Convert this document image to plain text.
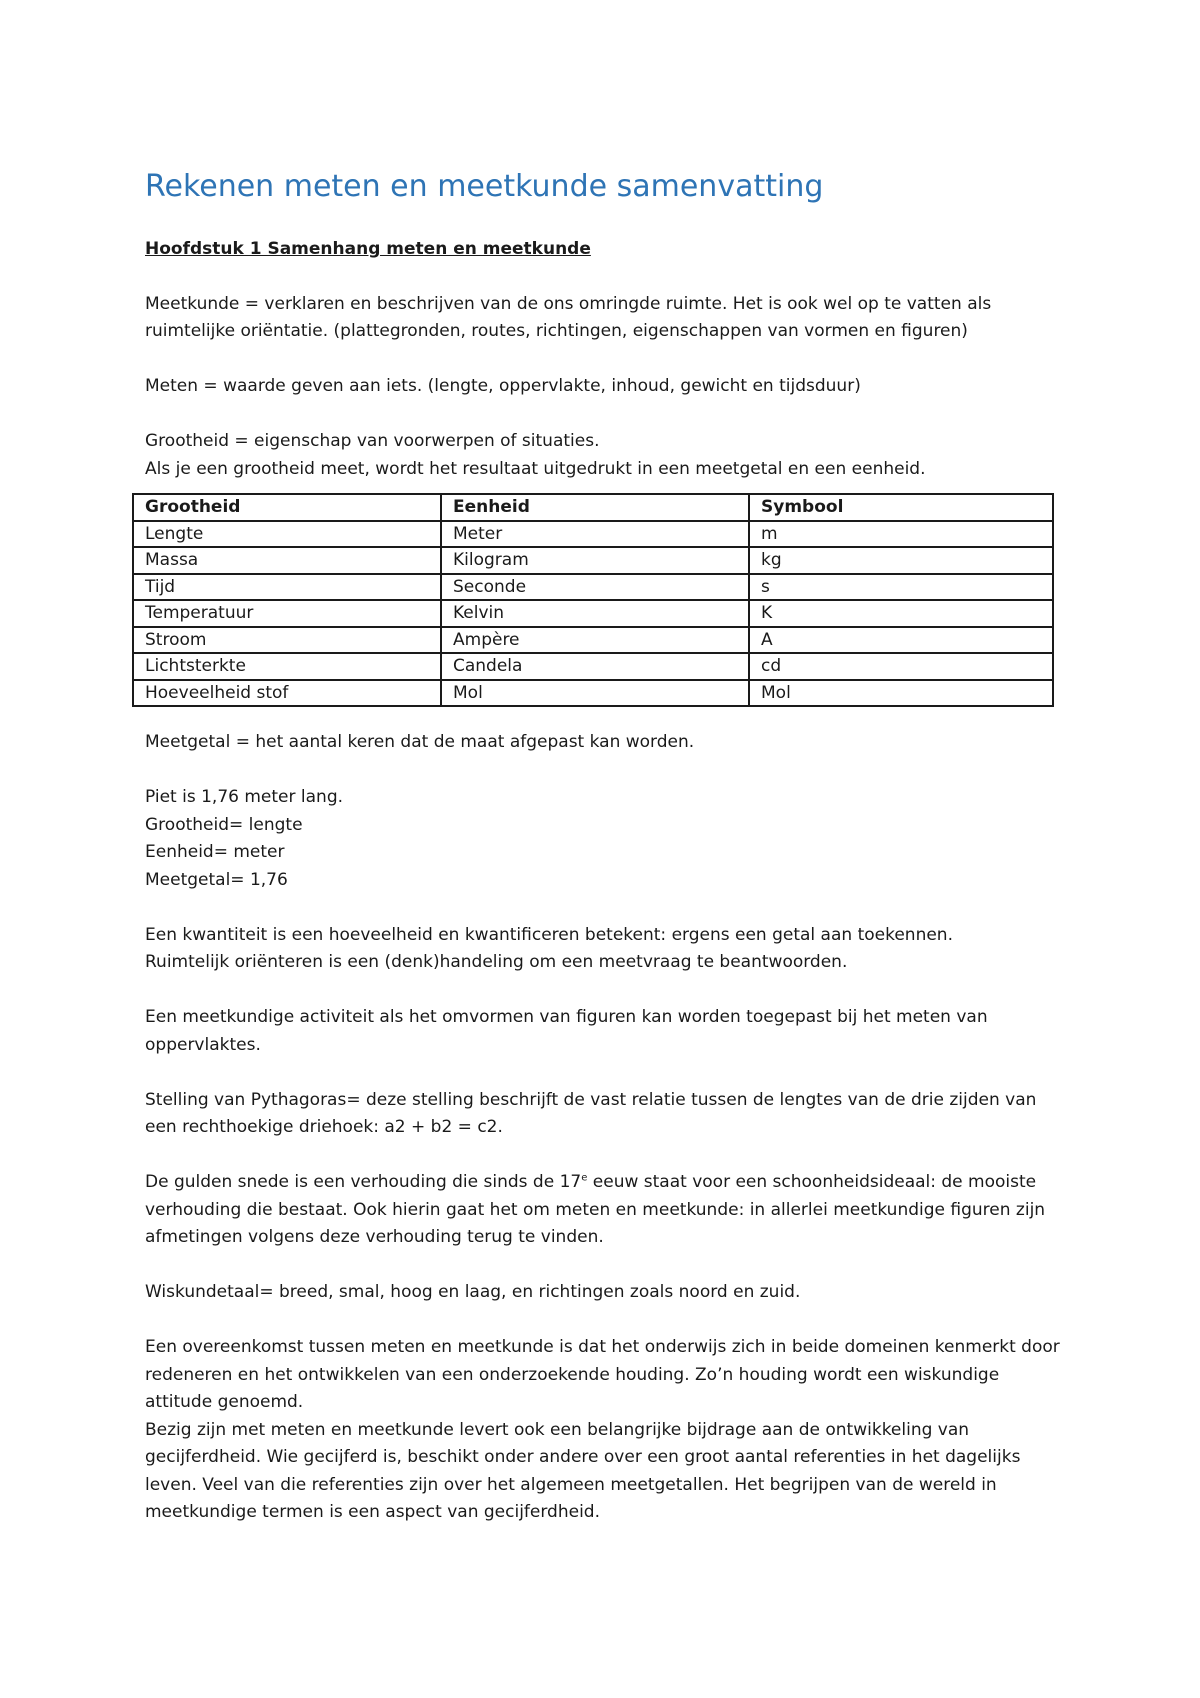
Rekenen meten en meetkunde samenvatting
Hoofdstuk 1 Samenhang meten en meetkunde

Meetkunde = verklaren en beschrijven van de ons omringde ruimte. Het is ook wel op te vatten als ruimtelijke oriëntatie. (plattegronden, routes, richtingen, eigenschappen van vormen en figuren)

Meten = waarde geven aan iets. (lengte, oppervlakte, inhoud, gewicht en tijdsduur)

Grootheid = eigenschap van voorwerpen of situaties.

Als je een grootheid meet, wordt het resultaat uitgedrukt in een meetgetal en een eenheid.

Grootheid	Eenheid	Symbool
Lengte	Meter	m
Massa	Kilogram	kg
Tijd	Seconde	s
Temperatuur	Kelvin	K
Stroom	Ampère	A
Lichtsterkte	Candela	cd
Hoeveelheid stof	Mol	Mol

Meetgetal = het aantal keren dat de maat afgepast kan worden.

Piet is 1,76 meter lang.

Grootheid= lengte

Eenheid= meter

Meetgetal= 1,76

Een kwantiteit is een hoeveelheid en kwantificeren betekent: ergens een getal aan toekennen.

Ruimtelijk oriënteren is een (denk)handeling om een meetvraag te beantwoorden.

Een meetkundige activiteit als het omvormen van figuren kan worden toegepast bij het meten van oppervlaktes.

Stelling van Pythagoras= deze stelling beschrijft de vast relatie tussen de lengtes van de drie zijden van een rechthoekige driehoek: a2 + b2 = c2.

De gulden snede is een verhouding die sinds de 17e eeuw staat voor een schoonheidsideaal: de mooiste verhouding die bestaat. Ook hierin gaat het om meten en meetkunde: in allerlei meetkundige figuren zijn afmetingen volgens deze verhouding terug te vinden.

Wiskundetaal= breed, smal, hoog en laag, en richtingen zoals noord en zuid.

Een overeenkomst tussen meten en meetkunde is dat het onderwijs zich in beide domeinen kenmerkt door redeneren en het ontwikkelen van een onderzoekende houding. Zo’n houding wordt een wiskundige attitude genoemd.

Bezig zijn met meten en meetkunde levert ook een belangrijke bijdrage aan de ontwikkeling van gecijferdheid. Wie gecijferd is, beschikt onder andere over een groot aantal referenties in het dagelijks leven. Veel van die referenties zijn over het algemeen meetgetallen. Het begrijpen van de wereld in meetkundige termen is een aspect van gecijferdheid.
